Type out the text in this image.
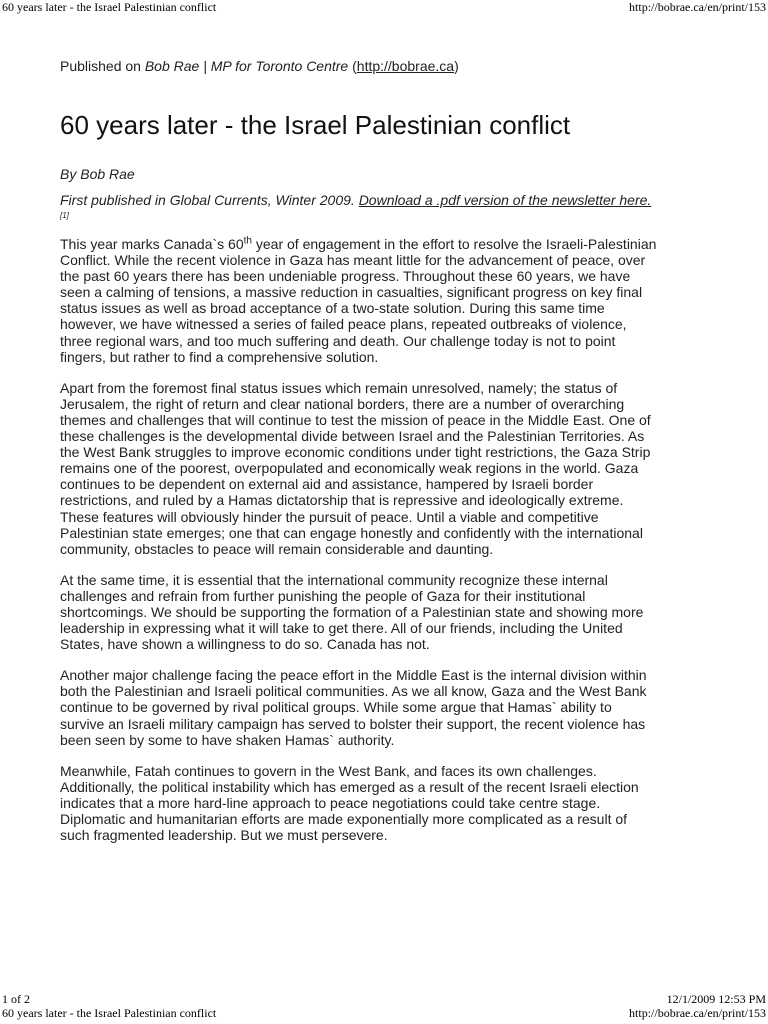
60 years later - the Israel Palestinian conflict	http://bobrae.ca/en/print/153

Published on Bob Rae | MP for Toronto Centre (http://bobrae.ca)

60 years later - the Israel Palestinian conflict

By Bob Rae

First published in Global Currents, Winter 2009. Download a .pdf version of the newsletter here.
[1]

This year marks Canada`s 60th year of engagement in the effort to resolve the Israeli-Palestinian
Conflict. While the recent violence in Gaza has meant little for the advancement of peace, over
the past 60 years there has been undeniable progress. Throughout these 60 years, we have
seen a calming of tensions, a massive reduction in casualties, significant progress on key final
status issues as well as broad acceptance of a two-state solution. During this same time
however, we have witnessed a series of failed peace plans, repeated outbreaks of violence,
three regional wars, and too much suffering and death. Our challenge today is not to point
fingers, but rather to find a comprehensive solution.

Apart from the foremost final status issues which remain unresolved, namely; the status of
Jerusalem, the right of return and clear national borders, there are a number of overarching
themes and challenges that will continue to test the mission of peace in the Middle East. One of
these challenges is the developmental divide between Israel and the Palestinian Territories. As
the West Bank struggles to improve economic conditions under tight restrictions, the Gaza Strip
remains one of the poorest, overpopulated and economically weak regions in the world. Gaza
continues to be dependent on external aid and assistance, hampered by Israeli border
restrictions, and ruled by a Hamas dictatorship that is repressive and ideologically extreme.
These features will obviously hinder the pursuit of peace. Until a viable and competitive
Palestinian state emerges; one that can engage honestly and confidently with the international
community, obstacles to peace will remain considerable and daunting.

At the same time, it is essential that the international community recognize these internal
challenges and refrain from further punishing the people of Gaza for their institutional
shortcomings. We should be supporting the formation of a Palestinian state and showing more
leadership in expressing what it will take to get there. All of our friends, including the United
States, have shown a willingness to do so. Canada has not.

Another major challenge facing the peace effort in the Middle East is the internal division within
both the Palestinian and Israeli political communities. As we all know, Gaza and the West Bank
continue to be governed by rival political groups. While some argue that Hamas` ability to
survive an Israeli military campaign has served to bolster their support, the recent violence has
been seen by some to have shaken Hamas` authority.

Meanwhile, Fatah continues to govern in the West Bank, and faces its own challenges.
Additionally, the political instability which has emerged as a result of the recent Israeli election
indicates that a more hard-line approach to peace negotiations could take centre stage.
Diplomatic and humanitarian efforts are made exponentially more complicated as a result of
such fragmented leadership. But we must persevere.

1 of 2	12/1/2009 12:53 PM
60 years later - the Israel Palestinian conflict	http://bobrae.ca/en/print/153
